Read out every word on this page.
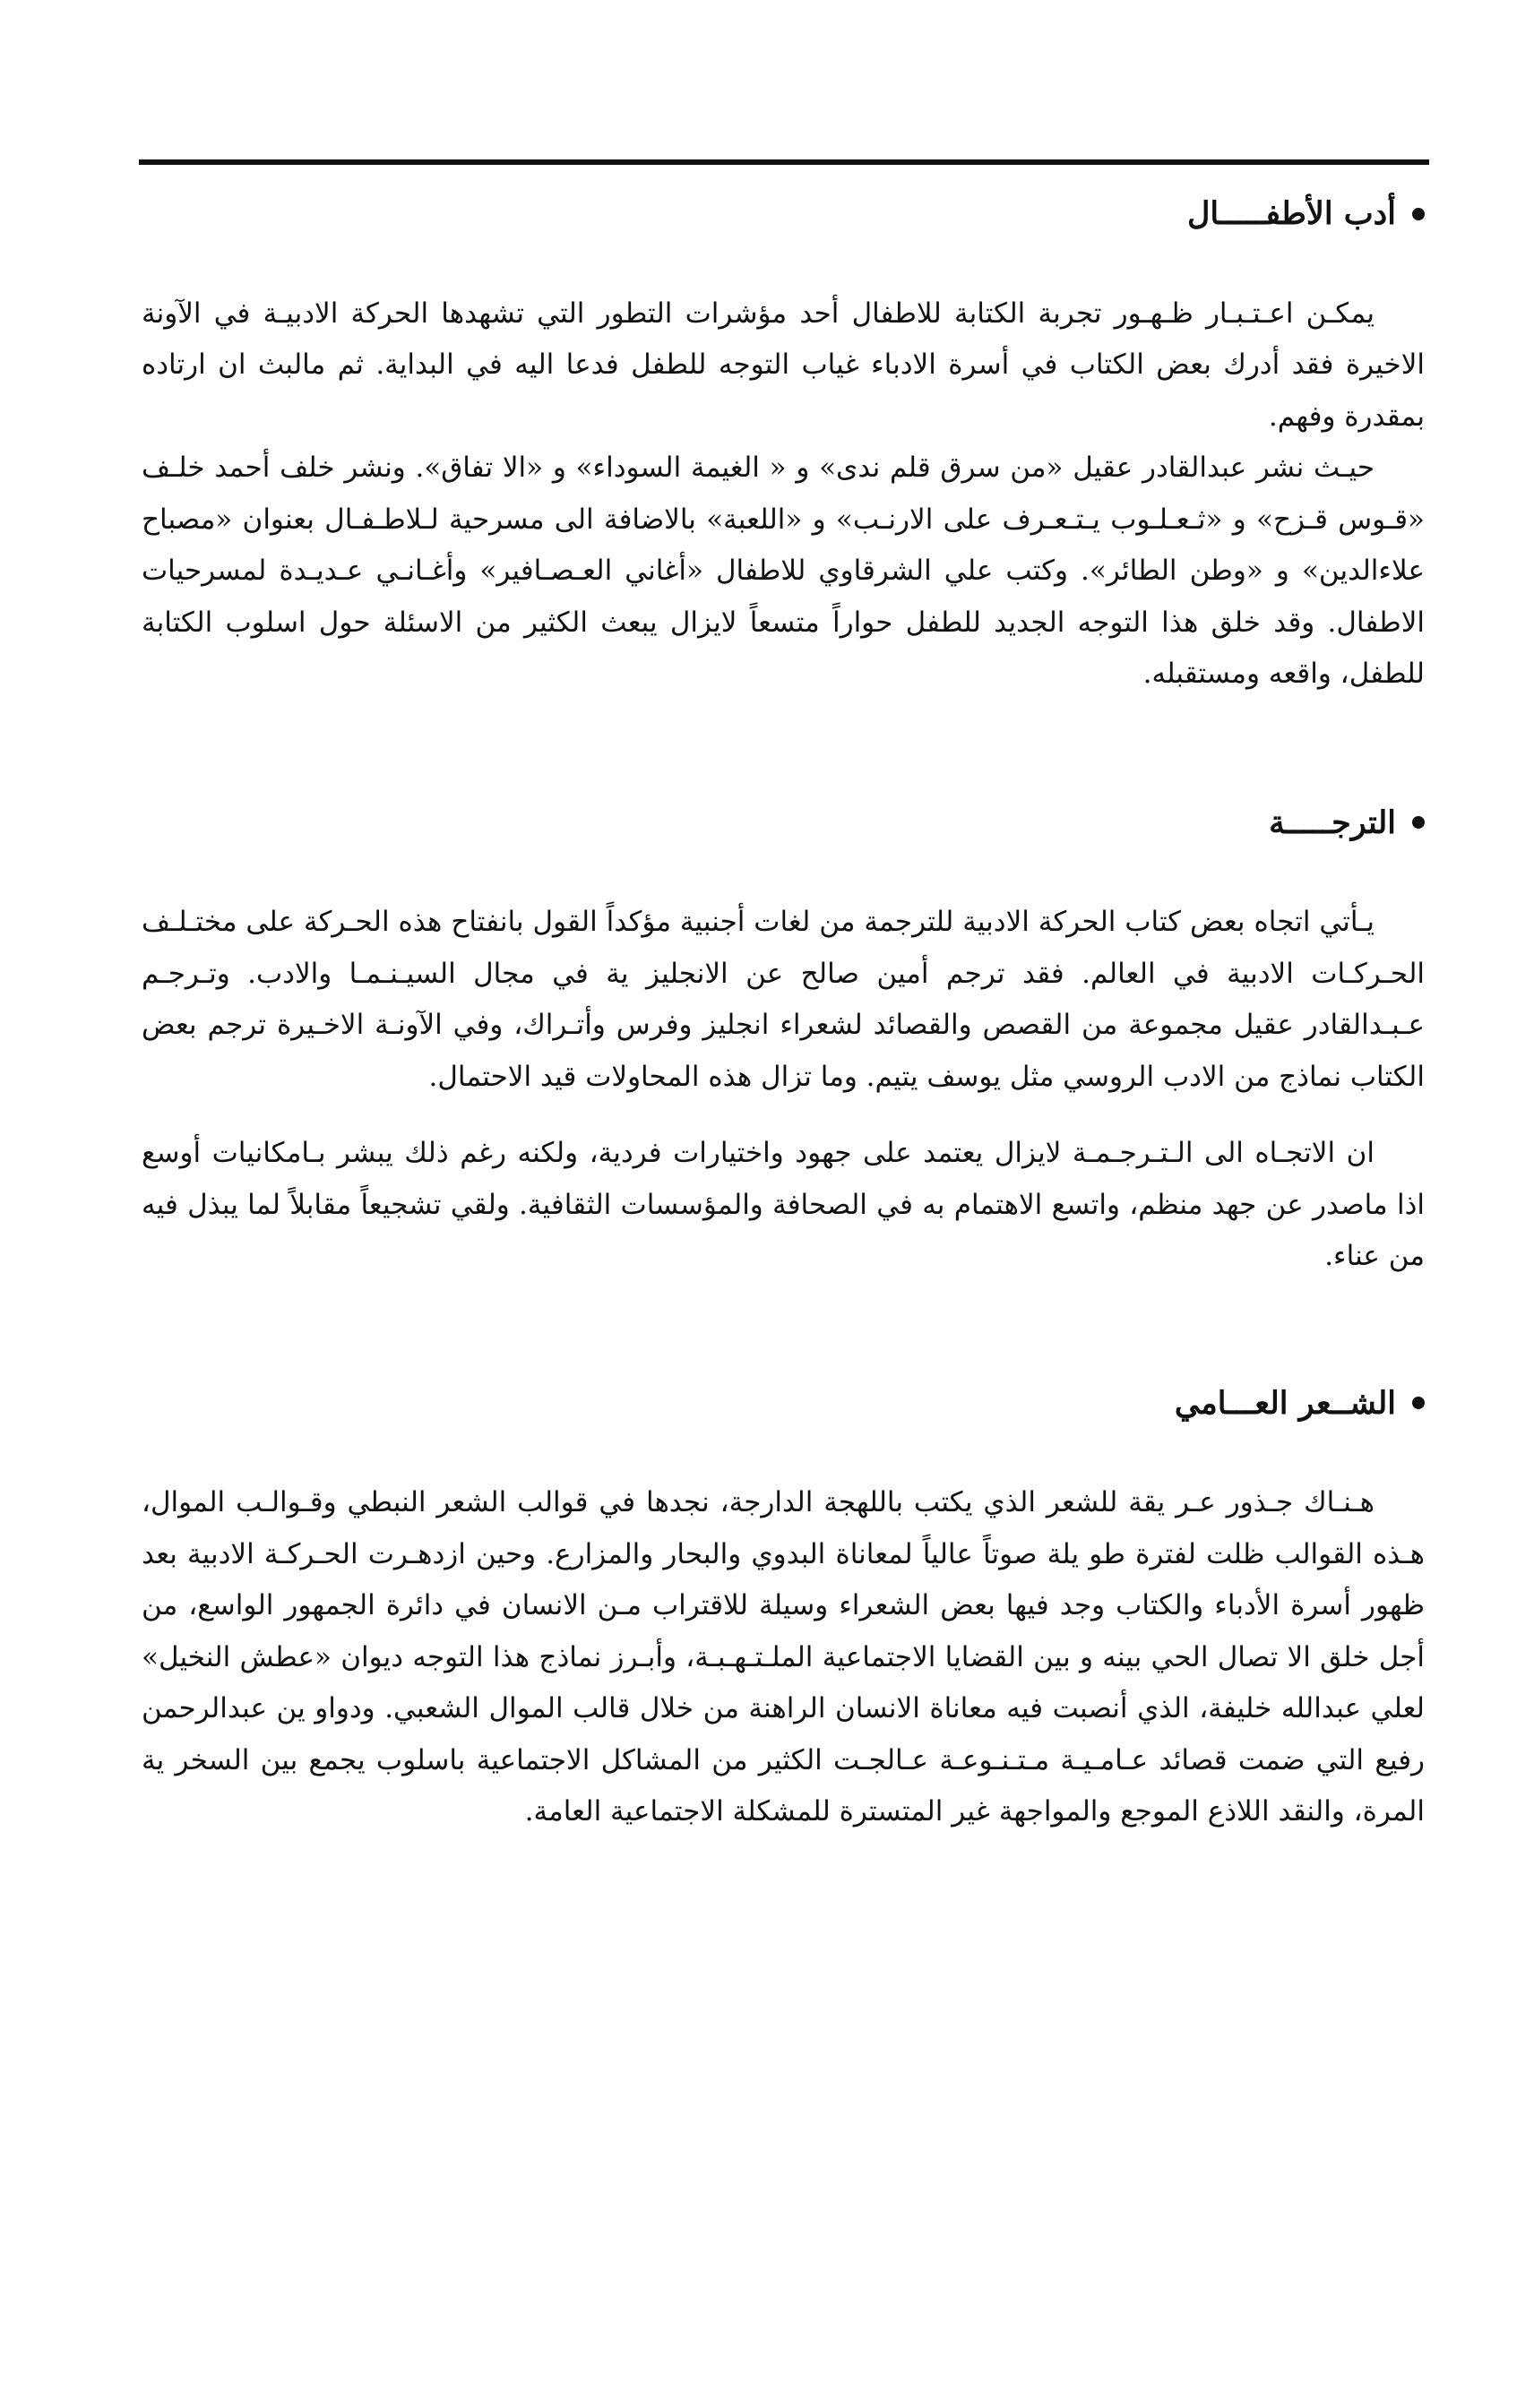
أدب الأطفـــــال

يمكـن اعـتـبـار ظـهـور تجربة الكتابة للاطفال أحد مؤشرات التطور التي تشهدها الحركة الادبيـة في الآونة الاخيرة فقد أدرك بعض الكتاب في أسرة الادباء غياب التوجه للطفل فدعا اليه في البداية. ثم مالبث ان ارتاده بمقدرة وفهم.

حيـث نشر عبدالقادر عقيل «من سرق قلم ندى» و « الغيمة السوداء» و «الا تفاق». ونشر خلف أحمد خلـف «قـوس قـزح» و «ثـعـلـوب يـتـعـرف على الارنـب» و «اللعبة» بالاضافة الى مسرحية لـلاطـفـال بعنوان «مصباح علاءالدين» و «وطن الطائر». وكتب علي الشرقاوي للاطفال «أغاني العـصـافير» وأغـانـي عـديـدة لمسرحيات الاطفال. وقد خلق هذا التوجه الجديد للطفل حواراً متسعاً لايزال يبعث الكثير من الاسئلة حول اسلوب الكتابة للطفل، واقعه ومستقبله.

الترجـــــة

يـأتي اتجاه بعض كتاب الحركة الادبية للترجمة من لغات أجنبية مؤكداً القول بانفتاح هذه الحـركة على مختـلـف الحـركـات الادبية في العالم. فقد ترجم أمين صالح عن الانجليز ية في مجال السيـنـمـا والادب. وتـرجـم عـبـدالقادر عقيل مجموعة من القصص والقصائد لشعراء انجليز وفرس وأتـراك، وفي الآونـة الاخـيرة ترجم بعض الكتاب نماذج من الادب الروسي مثل يوسف يتيم. وما تزال هذه المحاولات قيد الاحتمال.

ان الاتجـاه الى الـتـرجـمـة لايزال يعتمد على جهود واختيارات فردية، ولكنه رغم ذلك يبشر بـامكانيات أوسع اذا ماصدر عن جهد منظم، واتسع الاهتمام به في الصحافة والمؤسسات الثقافية. ولقي تشجيعاً مقابلاً لما يبذل فيه من عناء.

الشــعر العـــامي

هـنـاك جـذور عـر يقة للشعر الذي يكتب باللهجة الدارجة، نجدها في قوالب الشعر النبطي وقـوالـب الموال، هـذه القوالب ظلت لفترة طو يلة صوتاً عالياً لمعاناة البدوي والبحار والمزارع. وحين ازدهـرت الحـركـة الادبية بعد ظهور أسرة الأدباء والكتاب وجد فيها بعض الشعراء وسيلة للاقتراب مـن الانسان في دائرة الجمهور الواسع، من أجل خلق الا تصال الحي بينه و بين القضايا الاجتماعية الملـتـهـبـة، وأبـرز نماذج هذا التوجه ديوان «عطش النخيل» لعلي عبدالله خليفة، الذي أنصبت فيه معاناة الانسان الراهنة من خلال قالب الموال الشعبي. ودواو ين عبدالرحمن رفيع التي ضمت قصائد عـامـيـة مـتـنـوعـة عـالجـت الكثير من المشاكل الاجتماعية باسلوب يجمع بين السخر ية المرة، والنقد اللاذع الموجع والمواجهة غير المتسترة للمشكلة الاجتماعية العامة.
